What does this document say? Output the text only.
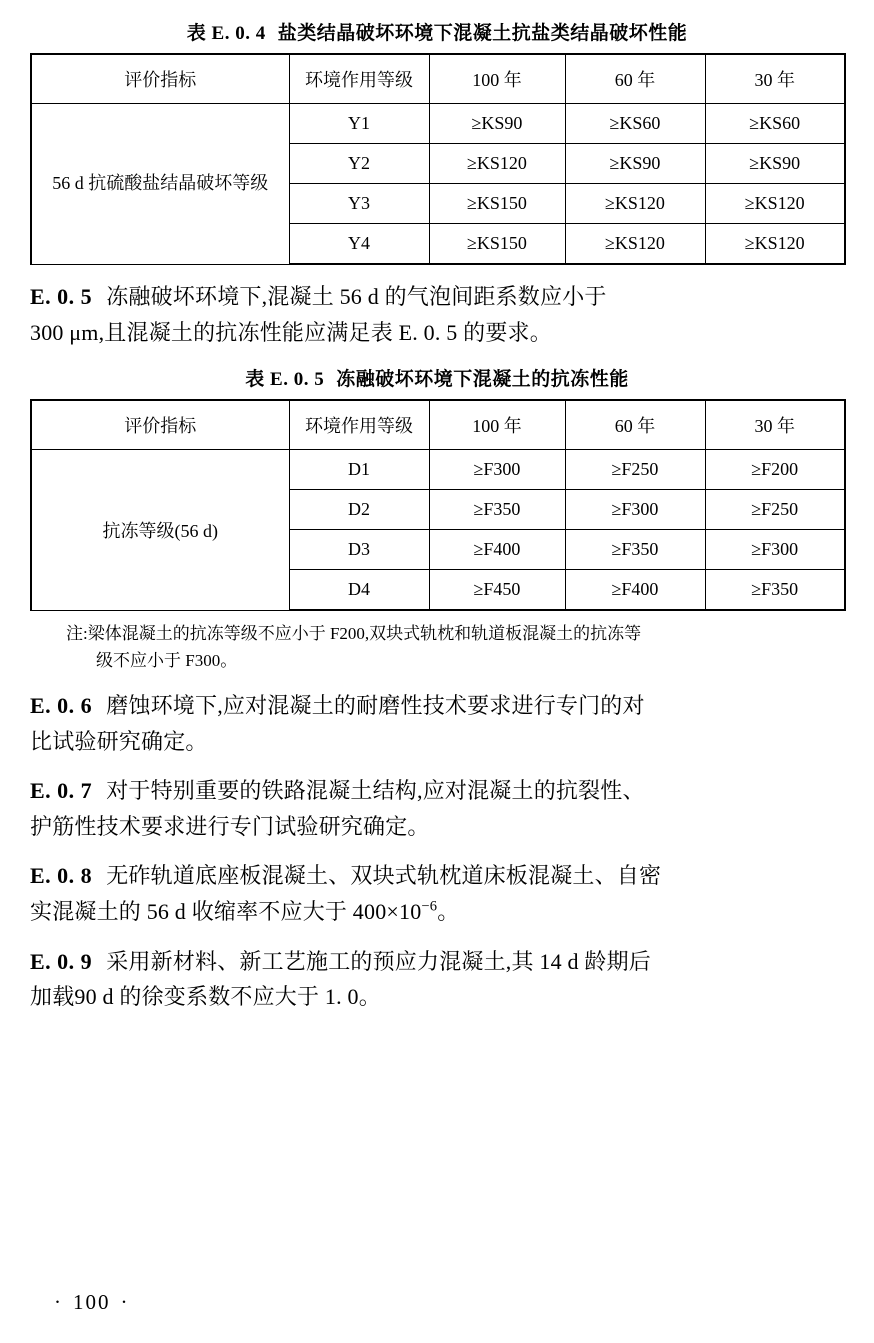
表 E. 0. 4 盐类结晶破坏环境下混凝土抗盐类结晶破坏性能
评价指标	环境作用等级	100 年	60 年	30 年
56 d 抗硫酸盐结晶破坏等级	Y1	≥KS90	≥KS60	≥KS60
	Y2	≥KS120	≥KS90	≥KS90
	Y3	≥KS150	≥KS120	≥KS120
	Y4	≥KS150	≥KS120	≥KS120

E. 0. 5 冻融破坏环境下,混凝土 56 d 的气泡间距系数应小于
300 μm,且混凝土的抗冻性能应满足表 E. 0. 5 的要求。

表 E. 0. 5 冻融破坏环境下混凝土的抗冻性能
评价指标	环境作用等级	100 年	60 年	30 年
抗冻等级(56 d)	D1	≥F300	≥F250	≥F200
	D2	≥F350	≥F300	≥F250
	D3	≥F400	≥F350	≥F300
	D4	≥F450	≥F400	≥F350

注:梁体混凝土的抗冻等级不应小于 F200,双块式轨枕和轨道板混凝土的抗冻等
级不应小于 F300。

E. 0. 6 磨蚀环境下,应对混凝土的耐磨性技术要求进行专门的对
比试验研究确定。

E. 0. 7 对于特别重要的铁路混凝土结构,应对混凝土的抗裂性、
护筋性技术要求进行专门试验研究确定。

E. 0. 8 无砟轨道底座板混凝土、双块式轨枕道床板混凝土、自密
实混凝土的 56 d 收缩率不应大于 $400\times 10^{-6}$。

E. 0. 9 采用新材料、新工艺施工的预应力混凝土,其 14 d 龄期后
加载90 d 的徐变系数不应大于 1. 0。

· 100 ·
